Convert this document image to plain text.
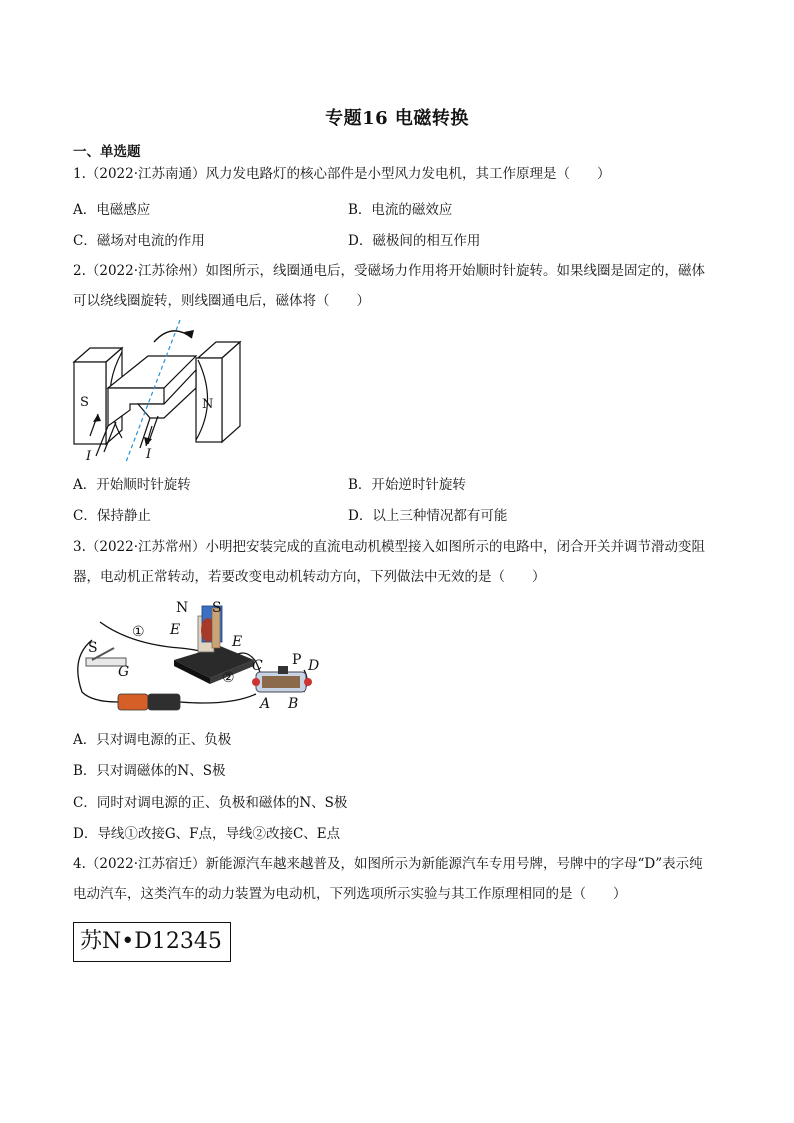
专题16 电磁转换
一、单选题
1.（2022·江苏南通）风力发电路灯的核心部件是小型风力发电机，其工作原理是（　　）
A．电磁感应	B．电流的磁效应
C．磁场对电流的作用	D．磁极间的相互作用
2.（2022·江苏徐州）如图所示，线圈通电后，受磁场力作用将开始顺时针旋转。如果线圈是固定的，磁体
可以绕线圈旋转，则线圈通电后，磁体将（　　）
S	N
I	I
A．开始顺时针旋转	B．开始逆时针旋转
C．保持静止	D．以上三种情况都有可能
3.（2022·江苏常州）小明把安装完成的直流电动机模型接入如图所示的电路中，闭合开关并调节滑动变阻
器，电动机正常转动，若要改变电动机转动方向，下列做法中无效的是（　　）
N S
S
G
E
E
C P D
A B
①
②
A．只对调电源的正、负极
B．只对调磁体的N、S极
C．同时对调电源的正、负极和磁体的N、S极
D．导线①改接G、F点，导线②改接C、E点
4.（2022·江苏宿迁）新能源汽车越来越普及，如图所示为新能源汽车专用号牌，号牌中的字母“D”表示纯
电动汽车，这类汽车的动力装置为电动机，下列选项所示实验与其工作原理相同的是（　　）
苏N•D12345
